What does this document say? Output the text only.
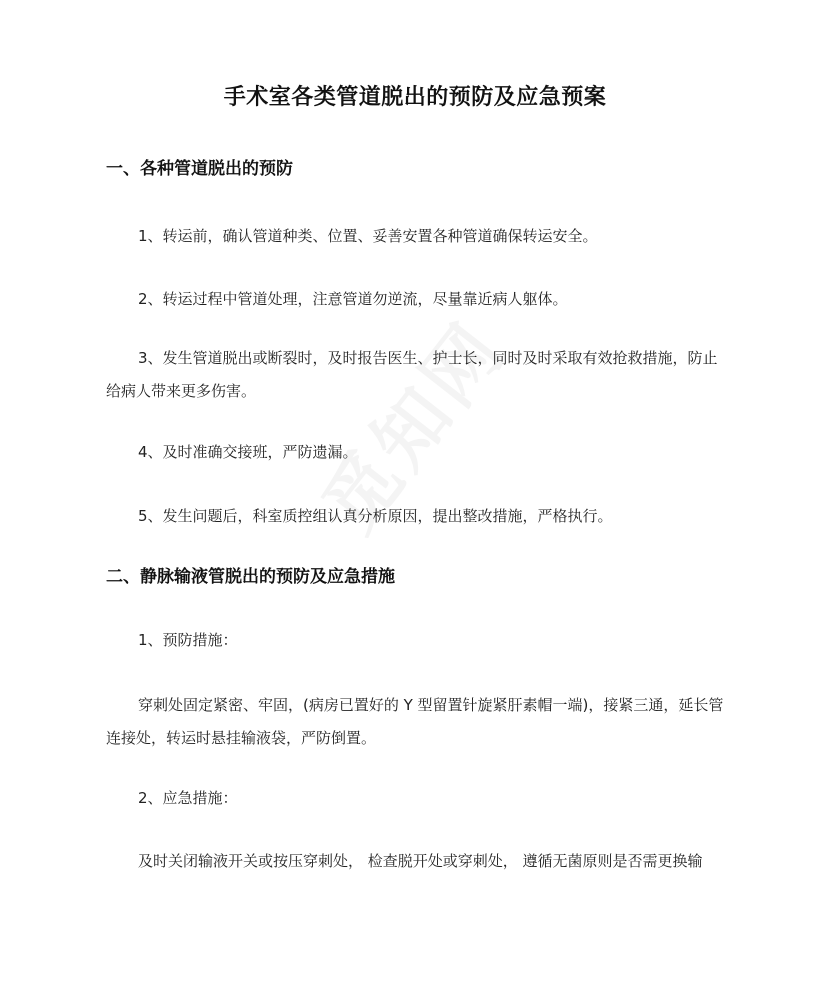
手术室各类管道脱出的预防及应急预案
一、各种管道脱出的预防
1、转运前，确认管道种类、位置、妥善安置各种管道确保转运安全。
2、转运过程中管道处理，注意管道勿逆流，尽量靠近病人躯体。
3、发生管道脱出或断裂时，及时报告医生、护士长，同时及时采取有效抢救措施，防止给病人带来更多伤害。
4、及时准确交接班，严防遗漏。
5、发生问题后，科室质控组认真分析原因，提出整改措施，严格执行。
二、静脉输液管脱出的预防及应急措施
1、预防措施：
穿刺处固定紧密、牢固，(病房已置好的 Y 型留置针旋紧肝素帽一端)，接紧三通，延长管连接处，转运时悬挂输液袋，严防倒置。
2、应急措施：
及时关闭输液开关或按压穿刺处， 检查脱开处或穿刺处， 遵循无菌原则是否需更换输
